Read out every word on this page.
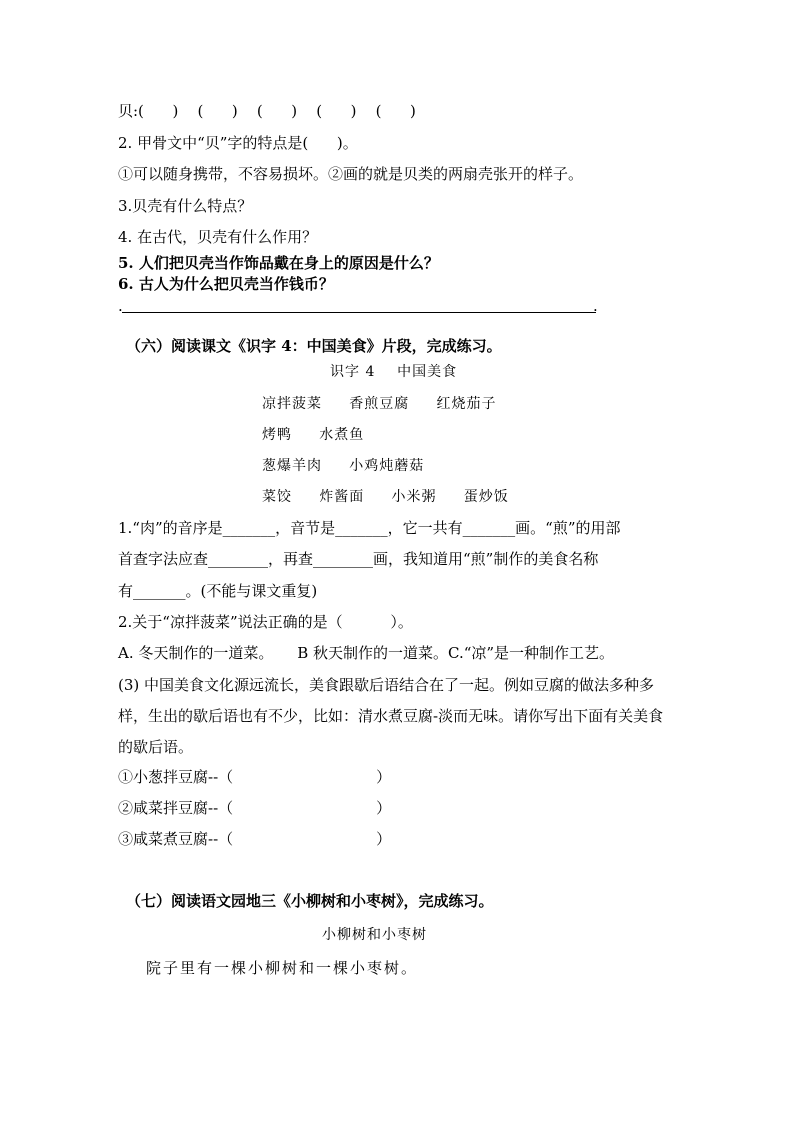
贝:(      )    (      )    (      )    (      )    (      )
2. 甲骨文中“贝”字的特点是(      )。
①可以随身携带，不容易损坏。②画的就是贝类的两扇壳张开的样子。
3.贝壳有什么特点？
4. 在古代，贝壳有什么作用？
5. 人们把贝壳当作饰品戴在身上的原因是什么？
6. 古人为什么把贝壳当作钱币？
.	.
（六）阅读课文《识字 4：中国美食》片段，完成练习。
识字 4    中国美食
凉拌菠菜     香煎豆腐     红烧茄子
烤鸭     水煮鱼
葱爆羊肉     小鸡炖蘑菇
菜饺     炸酱面     小米粥     蛋炒饭
1.“肉”的音序是_______，音节是_______，它一共有_______画。“煎”的用部
首查字法应查________，再查________画，我知道用“煎”制作的美食名称
有_______。(不能与课文重复)
2.关于“凉拌菠菜”说法正确的是（          ）。
A. 冬天制作的一道菜。     B 秋天制作的一道菜。C.“凉”是一种制作工艺。
(3) 中国美食文化源远流长，美食跟歇后语结合在了一起。例如豆腐的做法多种多
样，生出的歇后语也有不少，比如：清水煮豆腐-淡而无味。请你写出下面有关美食
的歇后语。
①小葱拌豆腐--（                              ）
②咸菜拌豆腐--（                              ）
③咸菜煮豆腐--（                              ）
（七）阅读语文园地三《小柳树和小枣树》，完成练习。
小柳树和小枣树
院子里有一棵小柳树和一棵小枣树。
